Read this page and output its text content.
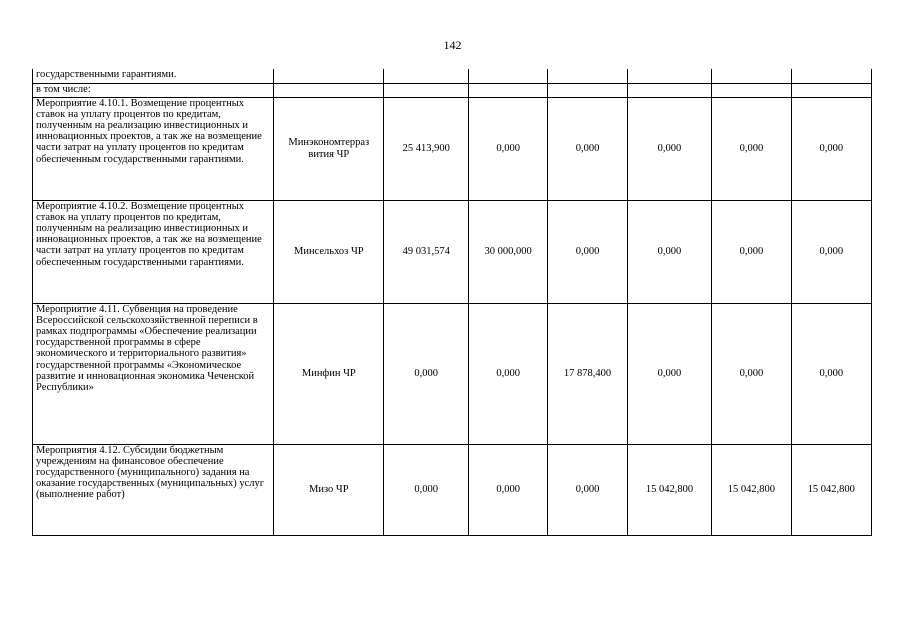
142
государственными гарантиями.							
в том числе:							
Мероприятие 4.10.1. Возмещение процентных ставок на уплату процентов по кредитам, полученным на реализацию инвестиционных и инновационных проектов, а так же на возмещение части затрат на уплату процентов по кредитам обеспеченным государственными гарантиями.	Минэкономтерраз вития ЧР	25 413,900	0,000	0,000	0,000	0,000	0,000
Мероприятие 4.10.2. Возмещение процентных ставок на уплату процентов по кредитам, полученным на реализацию инвестиционных и инновационных проектов, а так же на возмещение части затрат на уплату процентов по кредитам обеспеченным государственными гарантиями.	Минсельхоз ЧР	49 031,574	30 000,000	0,000	0,000	0,000	0,000
Мероприятие 4.11. Субвенция на проведение Всероссийской сельскохозяйственной переписи в рамках подпрограммы «Обеспечение реализации государственной программы в сфере экономического и территориального развития» государственной программы «Экономическое развитие и инновационная экономика Чеченской Республики»	Минфин ЧР	0,000	0,000	17 878,400	0,000	0,000	0,000
Мероприятия 4.12. Субсидии бюджетным учреждениям на финансовое обеспечение государственного (муниципального) задания на оказание государственных (муниципальных) услуг (выполнение работ)	Мизо ЧР	0,000	0,000	0,000	15 042,800	15 042,800	15 042,800
